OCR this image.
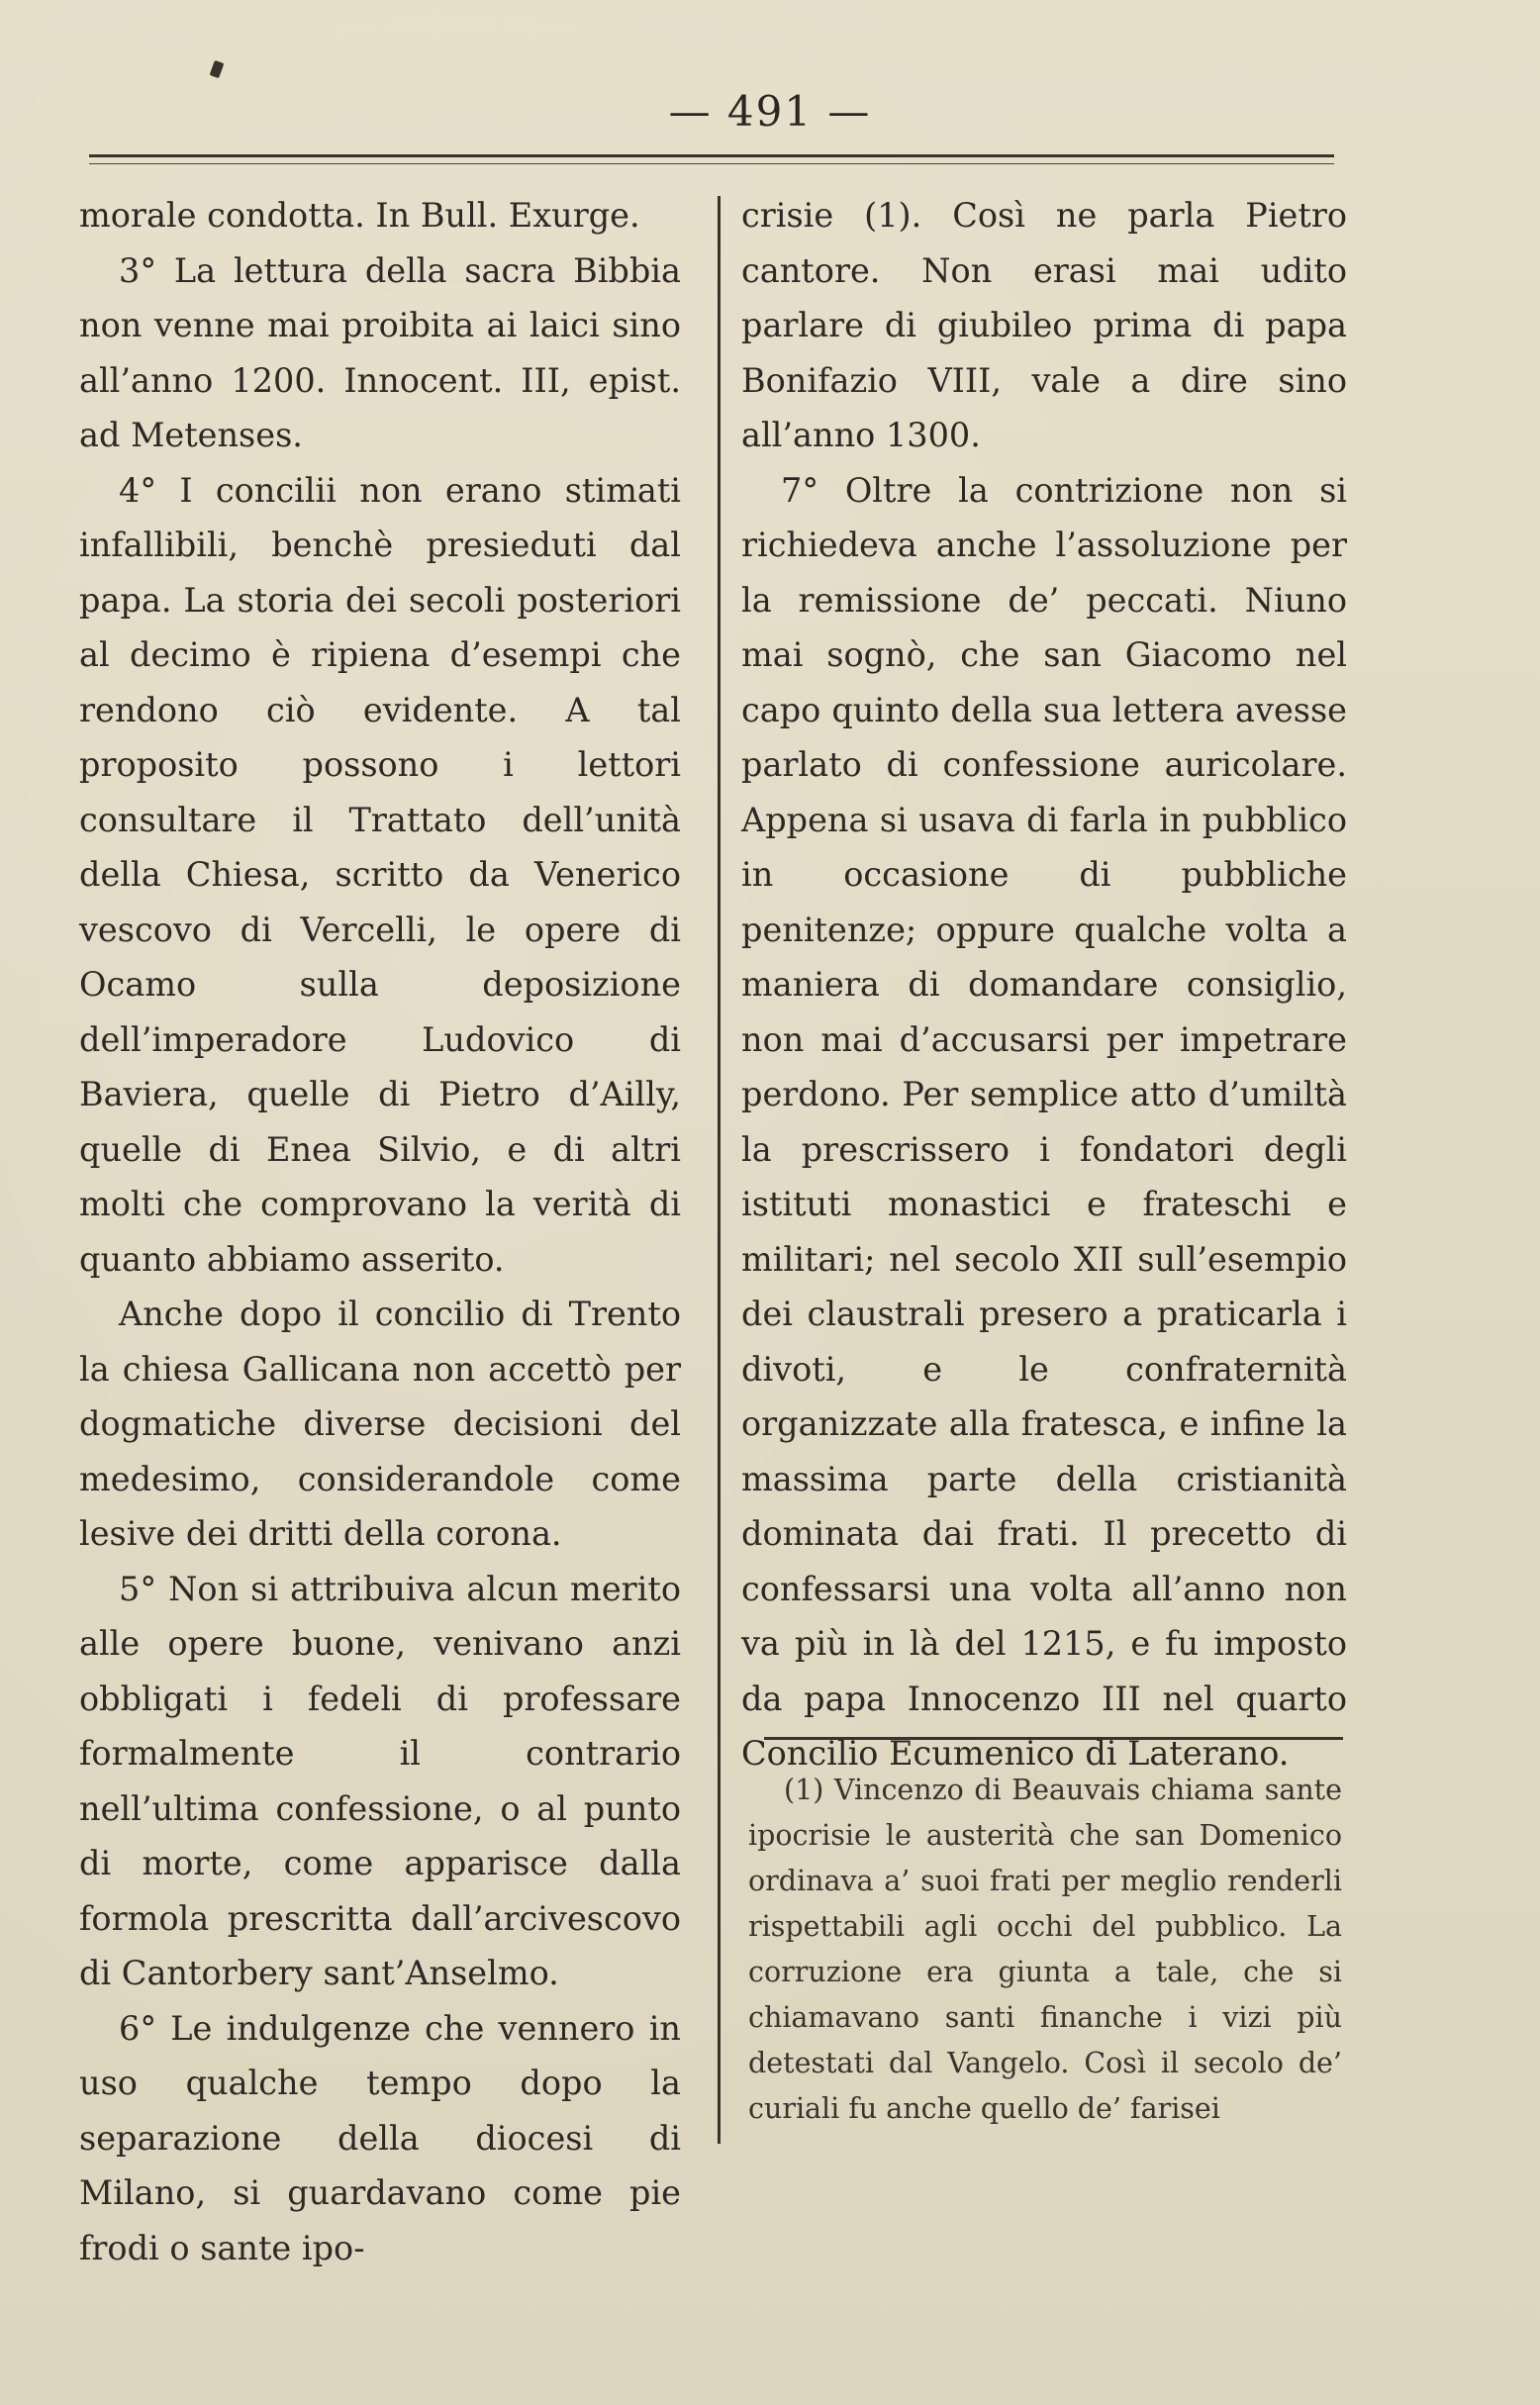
— 491 —

morale condotta. In Bull. Exurge.

3° La lettura della sacra Bibbia non venne mai proibita ai laici sino all’anno 1200. Innocent. III, epist. ad Metenses.

4° I concilii non erano stimati infallibili, benchè presieduti dal papa. La storia dei secoli posteriori al decimo è ripiena d’esempi che rendono ciò evidente. A tal proposito possono i lettori consultare il Trattato dell’unità della Chiesa, scritto da Venerico vescovo di Vercelli, le opere di Ocamo sulla deposizione dell’imperadore Ludovico di Baviera, quelle di Pietro d’Ailly, quelle di Enea Silvio, e di altri molti che comprovano la verità di quanto abbiamo asserito.

Anche dopo il concilio di Trento la chiesa Gallicana non accettò per dogmatiche diverse decisioni del medesimo, considerandole come lesive dei dritti della corona.

5° Non si attribuiva alcun merito alle opere buone, venivano anzi obbligati i fedeli di professare formalmente il contrario nell’ultima confessione, o al punto di morte, come apparisce dalla formola prescritta dall’arcivescovo di Cantorbery sant’Anselmo.

6° Le indulgenze che vennero in uso qualche tempo dopo la separazione della diocesi di Milano, si guardavano come pie frodi o sante ipo-

crisie (1). Così ne parla Pietro cantore. Non erasi mai udito parlare di giubileo prima di papa Bonifazio VIII, vale a dire sino all’anno 1300.

7° Oltre la contrizione non si richiedeva anche l’assoluzione per la remissione de’ peccati. Niuno mai sognò, che san Giacomo nel capo quinto della sua lettera avesse parlato di confessione auricolare. Appena si usava di farla in pubblico in occasione di pubbliche penitenze; oppure qualche volta a maniera di domandare consiglio, non mai d’accusarsi per impetrare perdono. Per semplice atto d’umiltà la prescrissero i fondatori degli istituti monastici e frateschi e militari; nel secolo XII sull’esempio dei claustrali presero a praticarla i divoti, e le confraternità organizzate alla fratesca, e infine la massima parte della cristianità dominata dai frati. Il precetto di confessarsi una volta all’anno non va più in là del 1215, e fu imposto da papa Innocenzo III nel quarto Concilio Ecumenico di Laterano.

(1) Vincenzo di Beauvais chiama sante ipocrisie le austerità che san Domenico ordinava a’ suoi frati per meglio renderli rispettabili agli occhi del pubblico. La corruzione era giunta a tale, che si chiamavano santi finanche i vizi più detestati dal Vangelo. Così il secolo de’ curiali fu anche quello de’ farisei
